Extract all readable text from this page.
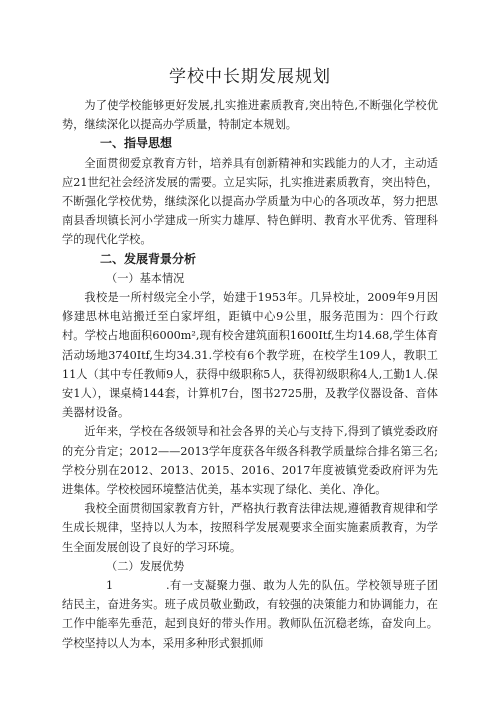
学校中长期发展规划

为了使学校能够更好发展,扎实推进素质教育,突出特色,不断强化学校优势，继续深化以提高办学质量，特制定本规划。

一、指导思想

全面贯彻爱京教育方针，培养具有创新精神和实践能力的人才，主动适应21世纪社会经济发展的需要。立足实际，扎实推进素质教育，突出特色，不断强化学校优势，继续深化以提高办学质量为中心的各项改革，努力把思南县香坝镇长河小学建成一所实力雄厚、特色鲜明、教育水平优秀、管理科学的现代化学校。

二、发展背景分析
（一）基本情况

我校是一所村级完全小学，始建于1953年。几异校址，2009年9月因修建思林电站搬迁至白家坪组，距镇中心9公里，服务范围为：四个行政村。学校占地面积6000m²,现有校舍建筑面积1600Itf,生均14.68,学生体育活动场地3740Itf,生均34.31.学校有6个教学班，在校学生109人，教职工11人（其中专任教师9人，获得中级职称5人，获得初级职称4人,工勤1人.保安1人），课桌椅144套，计算机7台，图书2725册，及教学仪器设备、音体美器材设备。

近年来，学校在各级领导和社会各界的关心与支持下,得到了镇党委政府的充分肯定；2012——2013学年度获各年级各科教学质量综合排名第三名;学校分别在2012、2013、2015、2016、2017年度被镇党委政府评为先进集体。学校校园环境整洁优美，基本实现了绿化、美化、净化。

我校全面贯彻国家教育方针，严格执行教育法律法规,遵循教育规律和学生成长规律，坚持以人为本，按照科学发展观要求全面实施素质教育，为学生全面发展创设了良好的学习环境。

（二）发展优势

1	.有一支凝聚力强、敢为人先的队伍。学校领导班子团结民主，奋进务实。班子成员敬业勤政，有较强的决策能力和协调能力，在工作中能率先垂范，起到良好的带头作用。教师队伍沉稳老练，奋发向上。学校坚持以人为本，采用多种形式狠抓师
